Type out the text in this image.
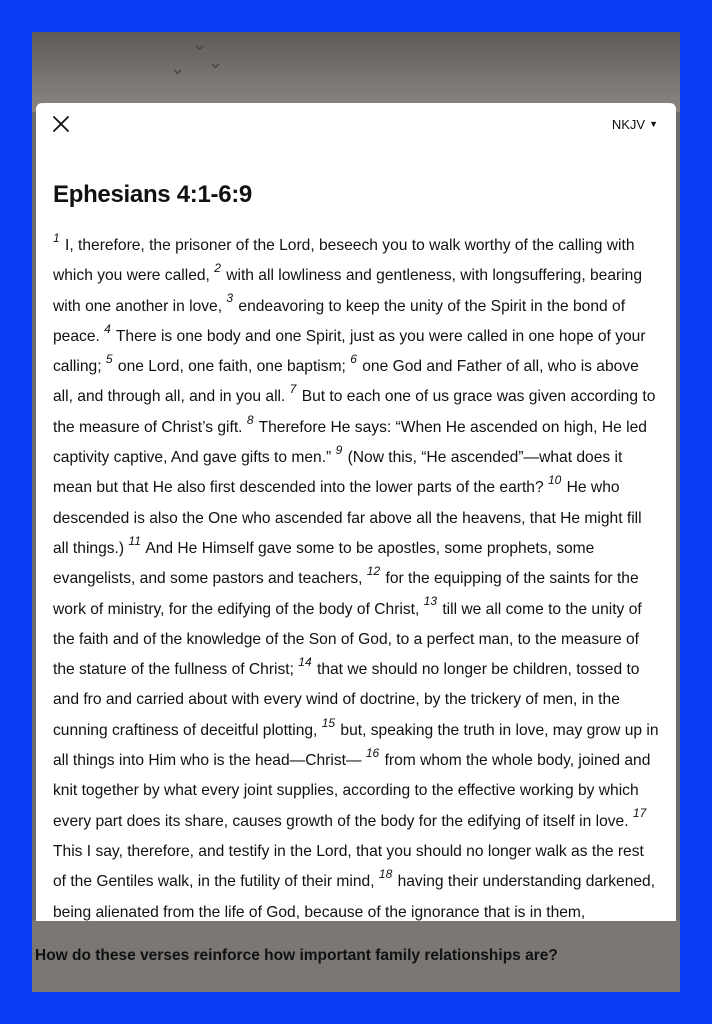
⌄
⌄ ⌄
How do these verses reinforce how important family relationships are?
NKJV ▼
Ephesians 4:1-6:9
$^1$ I, therefore, the prisoner of the Lord, beseech you to walk worthy of the calling with which you were called, $^2$ with all lowliness and gentleness, with longsuffering, bearing with one another in love, $^3$ endeavoring to keep the unity of the Spirit in the bond of peace. $^4$ There is one body and one Spirit, just as you were called in one hope of your calling; $^5$ one Lord, one faith, one baptism; $^6$ one God and Father of all, who is above all, and through all, and in you all. $^7$ But to each one of us grace was given according to the measure of Christ’s gift. $^8$ Therefore He says: “When He ascended on high, He led captivity captive, And gave gifts to men.” $^9$ (Now this, “He ascended”—what does it mean but that He also first descended into the lower parts of the earth? $^{10}$ He who descended is also the One who ascended far above all the heavens, that He might fill all things.) $^{11}$ And He Himself gave some to be apostles, some prophets, some evangelists, and some pastors and teachers, $^{12}$ for the equipping of the saints for the work of ministry, for the edifying of the body of Christ, $^{13}$ till we all come to the unity of the faith and of the knowledge of the Son of God, to a perfect man, to the measure of the stature of the fullness of Christ; $^{14}$ that we should no longer be children, tossed to and fro and carried about with every wind of doctrine, by the trickery of men, in the cunning craftiness of deceitful plotting, $^{15}$ but, speaking the truth in love, may grow up in all things into Him who is the head—Christ— $^{16}$ from whom the whole body, joined and knit together by what every joint supplies, according to the effective working by which every part does its share, causes growth of the body for the edifying of itself in love. $^{17}$ This I say, therefore, and testify in the Lord, that you should no longer walk as the rest of the Gentiles walk, in the futility of their mind, $^{18}$ having their understanding darkened, being alienated from the life of God, because of the ignorance that is in them,
